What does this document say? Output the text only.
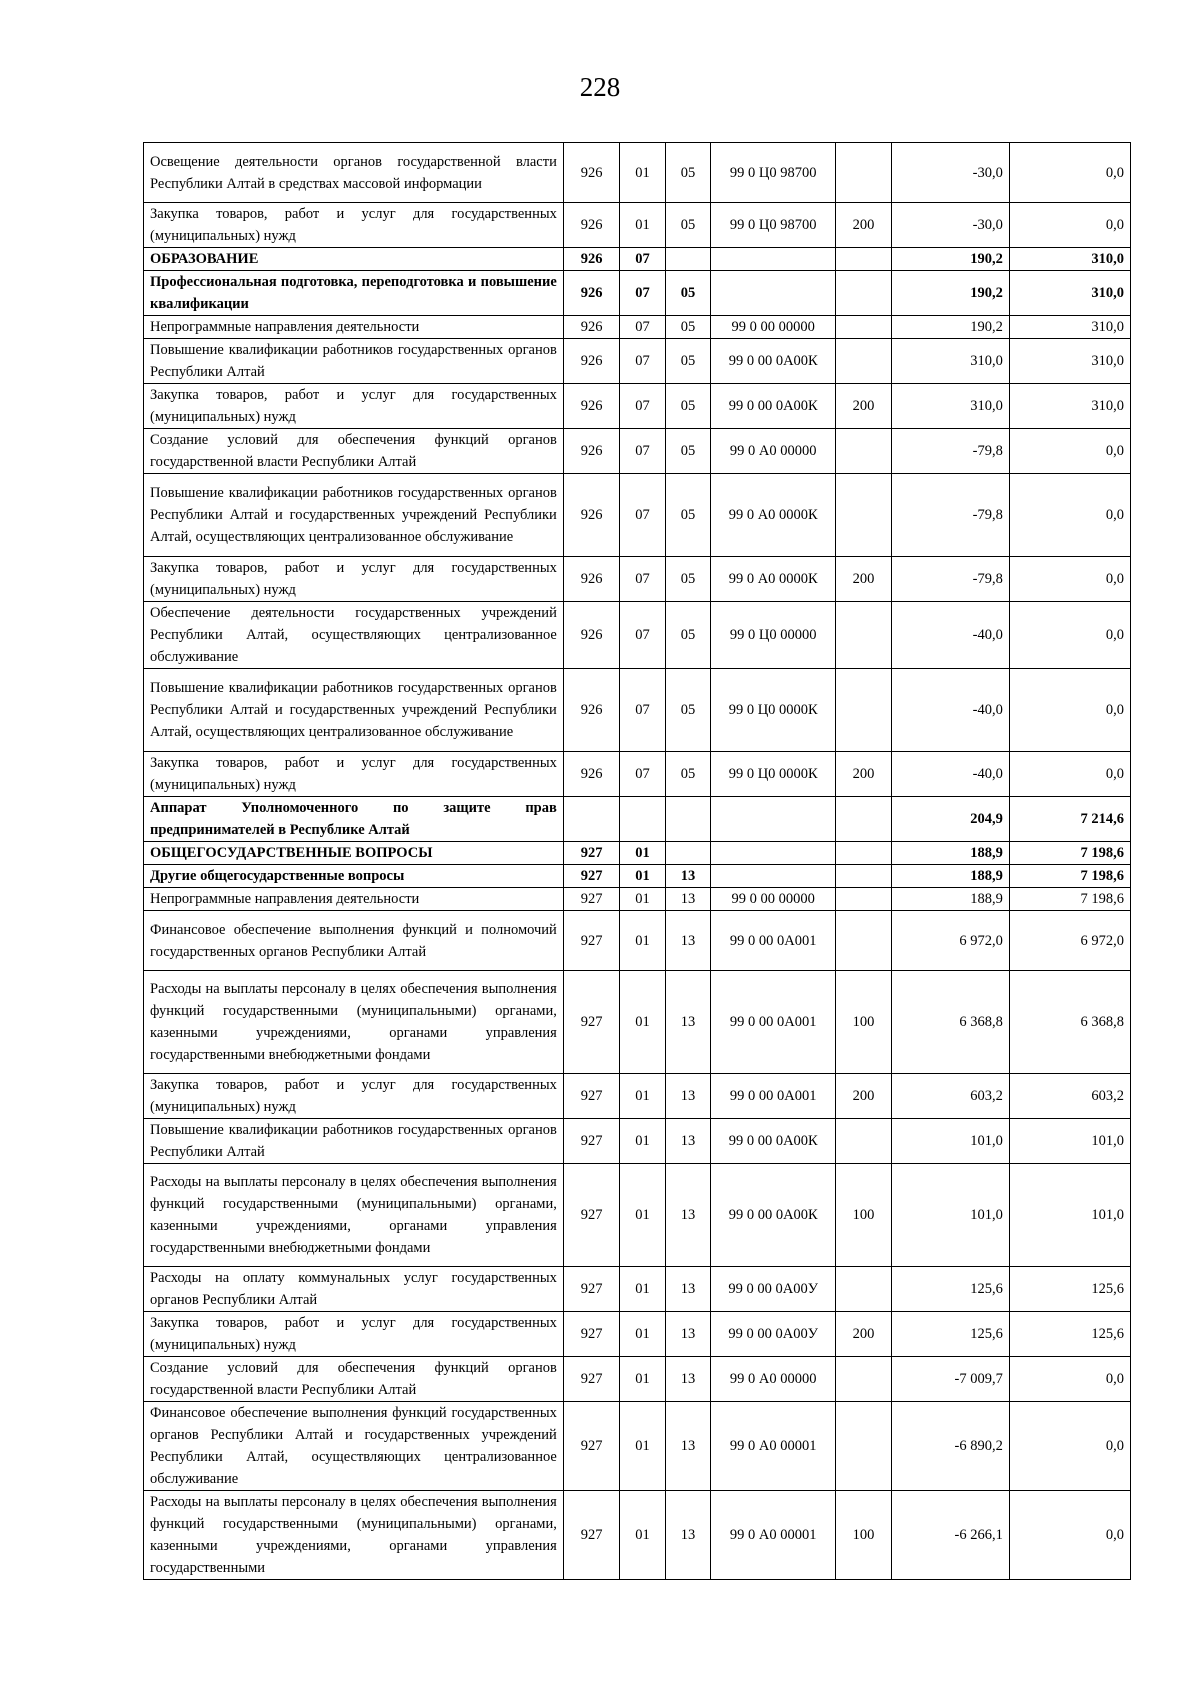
228
Освещение деятельности органов государственной власти Республики Алтай в средствах массовой информации	926	01	05	99 0 Ц0 98700		-30,0	0,0
Закупка товаров, работ и услуг для государственных (муниципальных) нужд	926	01	05	99 0 Ц0 98700	200	-30,0	0,0
ОБРАЗОВАНИЕ	926	07				190,2	310,0
Профессиональная подготовка, переподготовка и повышение квалификации	926	07	05			190,2	310,0
Непрограммные направления деятельности	926	07	05	99 0 00 00000		190,2	310,0
Повышение квалификации работников государственных органов Республики Алтай	926	07	05	99 0 00 0А00К		310,0	310,0
Закупка товаров, работ и услуг для государственных (муниципальных) нужд	926	07	05	99 0 00 0А00К	200	310,0	310,0
Создание условий для обеспечения функций органов государственной власти Республики Алтай	926	07	05	99 0 А0 00000		-79,8	0,0
Повышение квалификации работников государственных органов Республики Алтай и государственных учреждений Республики Алтай, осуществляющих централизованное обслуживание	926	07	05	99 0 А0 0000К		-79,8	0,0
Закупка товаров, работ и услуг для государственных (муниципальных) нужд	926	07	05	99 0 А0 0000К	200	-79,8	0,0
Обеспечение деятельности государственных учреждений Республики Алтай, осуществляющих централизованное обслуживание	926	07	05	99 0 Ц0 00000		-40,0	0,0
Повышение квалификации работников государственных органов Республики Алтай и государственных учреждений Республики Алтай, осуществляющих централизованное обслуживание	926	07	05	99 0 Ц0 0000К		-40,0	0,0
Закупка товаров, работ и услуг для государственных (муниципальных) нужд	926	07	05	99 0 Ц0 0000К	200	-40,0	0,0
Аппарат Уполномоченного по защите прав предпринимателей в Республике Алтай						204,9	7 214,6
ОБЩЕГОСУДАРСТВЕННЫЕ ВОПРОСЫ	927	01				188,9	7 198,6
Другие общегосударственные вопросы	927	01	13			188,9	7 198,6
Непрограммные направления деятельности	927	01	13	99 0 00 00000		188,9	7 198,6
Финансовое обеспечение выполнения функций и полномочий государственных органов Республики Алтай	927	01	13	99 0 00 0А001		6 972,0	6 972,0
Расходы на выплаты персоналу в целях обеспечения выполнения функций государственными (муниципальными) органами, казенными учреждениями, органами управления государственными внебюджетными фондами	927	01	13	99 0 00 0А001	100	6 368,8	6 368,8
Закупка товаров, работ и услуг для государственных (муниципальных) нужд	927	01	13	99 0 00 0А001	200	603,2	603,2
Повышение квалификации работников государственных органов Республики Алтай	927	01	13	99 0 00 0А00К		101,0	101,0
Расходы на выплаты персоналу в целях обеспечения выполнения функций государственными (муниципальными) органами, казенными учреждениями, органами управления государственными внебюджетными фондами	927	01	13	99 0 00 0А00К	100	101,0	101,0
Расходы на оплату коммунальных услуг государственных органов Республики Алтай	927	01	13	99 0 00 0А00У		125,6	125,6
Закупка товаров, работ и услуг для государственных (муниципальных) нужд	927	01	13	99 0 00 0А00У	200	125,6	125,6
Создание условий для обеспечения функций органов государственной власти Республики Алтай	927	01	13	99 0 А0 00000		-7 009,7	0,0
Финансовое обеспечение выполнения функций государственных органов Республики Алтай и государственных учреждений Республики Алтай, осуществляющих централизованное обслуживание	927	01	13	99 0 А0 00001		-6 890,2	0,0
Расходы на выплаты персоналу в целях обеспечения выполнения функций государственными (муниципальными) органами, казенными учреждениями, органами управления государственными	927	01	13	99 0 А0 00001	100	-6 266,1	0,0
